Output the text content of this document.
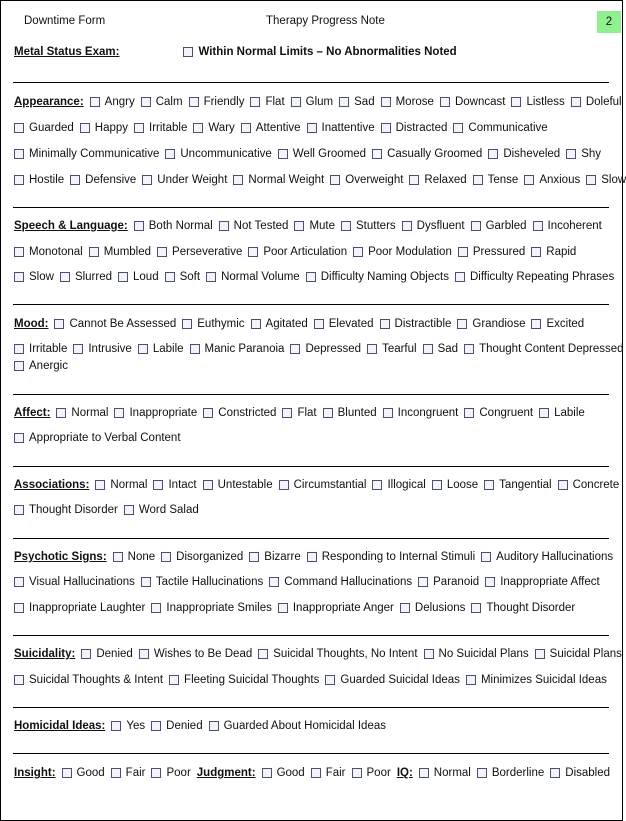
Downtime Form	Therapy Progress Note	2
Metal Status Exam:	Within Normal Limits – No Abnormalities Noted
Appearance: Angry Calm Friendly Flat Glum Sad Morose Downcast Listless Doleful
Guarded Happy Irritable Wary Attentive Inattentive Distracted Communicative
Minimally Communicative Uncommunicative Well Groomed Casually Groomed Disheveled Shy
Hostile Defensive Under Weight Normal Weight Overweight Relaxed Tense Anxious Slow
Speech & Language: Both Normal Not Tested Mute Stutters Dysfluent Garbled Incoherent
Monotonal Mumbled Perseverative Poor Articulation Poor Modulation Pressured Rapid
Slow Slurred Loud Soft Normal Volume Difficulty Naming Objects Difficulty Repeating Phrases
Mood: Cannot Be Assessed Euthymic Agitated Elevated Distractible Grandiose Excited
Irritable Intrusive Labile Manic Paranoia Depressed Tearful Sad Thought Content Depressed
Anergic
Affect: Normal Inappropriate Constricted Flat Blunted Incongruent Congruent Labile
Appropriate to Verbal Content
Associations: Normal Intact Untestable Circumstantial Illogical Loose Tangential Concrete
Thought Disorder Word Salad
Psychotic Signs: None Disorganized Bizarre Responding to Internal Stimuli Auditory Hallucinations
Visual Hallucinations Tactile Hallucinations Command Hallucinations Paranoid Inappropriate Affect
Inappropriate Laughter Inappropriate Smiles Inappropriate Anger Delusions Thought Disorder
Suicidality: Denied Wishes to Be Dead Suicidal Thoughts, No Intent No Suicidal Plans Suicidal Plans
Suicidal Thoughts & Intent Fleeting Suicidal Thoughts Guarded Suicidal Ideas Minimizes Suicidal Ideas
Homicidal Ideas: Yes Denied Guarded About Homicidal Ideas
Insight: Good Fair Poor Judgment: Good Fair Poor IQ: Normal Borderline Disabled
